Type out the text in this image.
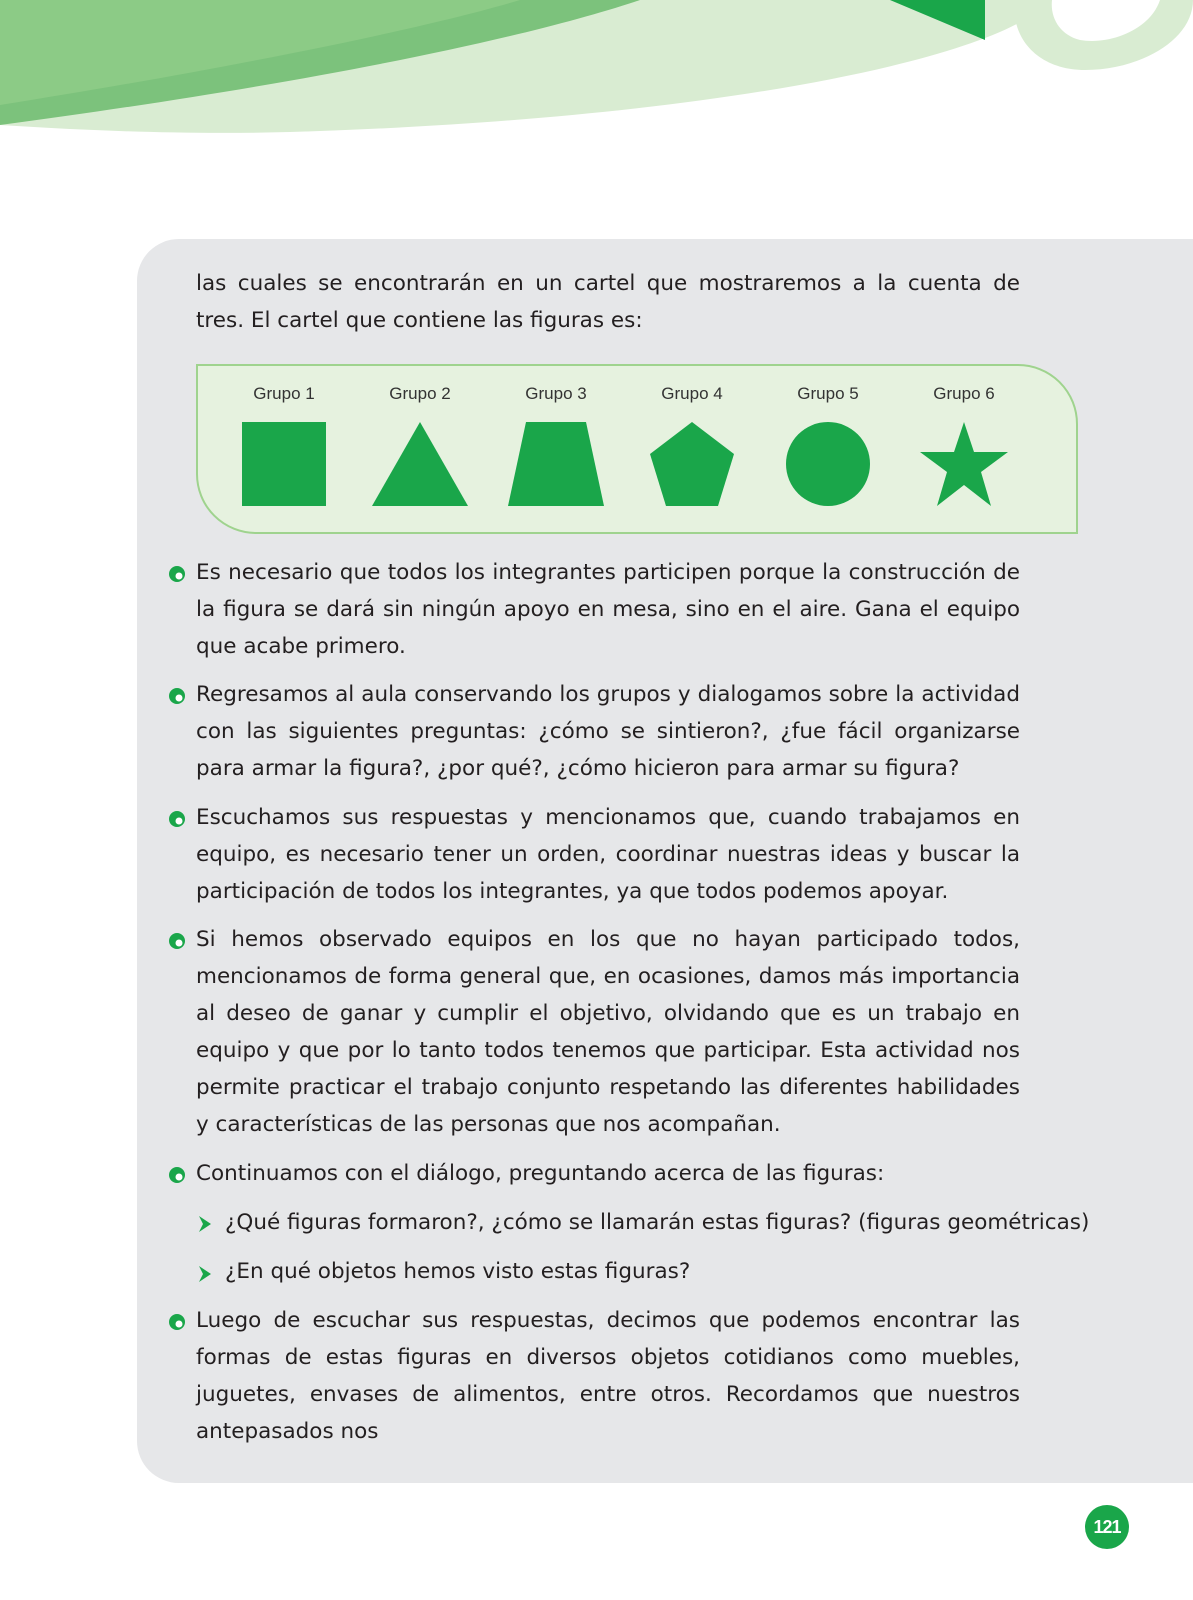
las cuales se encontrarán en un cartel que mostraremos a la cuenta de tres. El cartel que contiene las figuras es:

Grupo 1	Grupo 2	Grupo 3	Grupo 4	Grupo 5	Grupo 6

Es necesario que todos los integrantes participen porque la construcción de la figura se dará sin ningún apoyo en mesa, sino en el aire. Gana el equipo que acabe primero.

Regresamos al aula conservando los grupos y dialogamos sobre la actividad con las siguientes preguntas: ¿cómo se sintieron?, ¿fue fácil organizarse para armar la figura?, ¿por qué?, ¿cómo hicieron para armar su figura?

Escuchamos sus respuestas y mencionamos que, cuando trabajamos en equipo, es necesario tener un orden, coordinar nuestras ideas y buscar la participación de todos los integrantes, ya que todos podemos apoyar.

Si hemos observado equipos en los que no hayan participado todos, mencionamos de forma general que, en ocasiones, damos más importancia al deseo de ganar y cumplir el objetivo, olvidando que es un trabajo en equipo y que por lo tanto todos tenemos que participar. Esta actividad nos permite practicar el trabajo conjunto respetando las diferentes habilidades y características de las personas que nos acompañan.

Continuamos con el diálogo, preguntando acerca de las figuras:

¿Qué figuras formaron?, ¿cómo se llamarán estas figuras? (figuras geométricas)

¿En qué objetos hemos visto estas figuras?

Luego de escuchar sus respuestas, decimos que podemos encontrar las formas de estas figuras en diversos objetos cotidianos como muebles, juguetes, envases de alimentos, entre otros. Recordamos que nuestros antepasados nos

121
